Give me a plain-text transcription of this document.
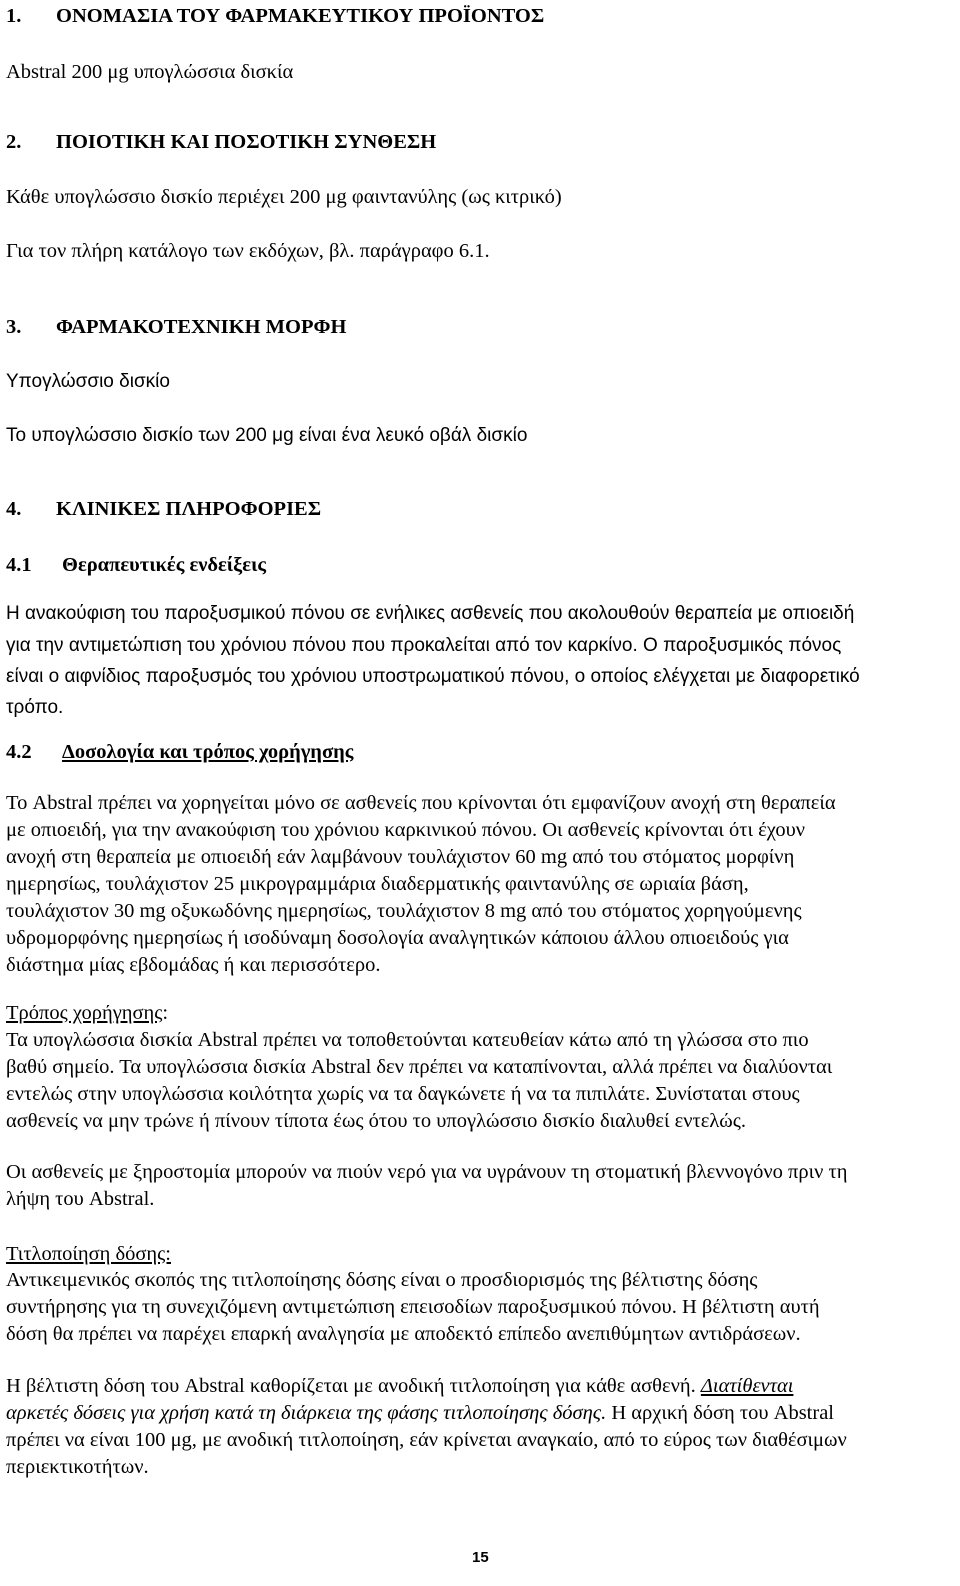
1. ΟΝΟΜΑΣΙΑ ΤΟΥ ΦΑΡΜΑΚΕΥΤΙΚΟΥ ΠΡΟΪΟΝΤΟΣ
Abstral 200 μg υπογλώσσια δισκία
2. ΠΟΙΟΤΙΚΗ ΚΑΙ ΠΟΣΟΤΙΚΗ ΣΥΝΘΕΣΗ
Κάθε υπογλώσσιο δισκίο περιέχει 200 μg φαιντανύλης (ως κιτρικό)
Για τον πλήρη κατάλογο των εκδόχων, βλ. παράγραφο 6.1.
3. ΦΑΡΜΑΚΟΤΕΧΝΙΚΗ ΜΟΡΦΗ
Υπογλώσσιο δισκίο
Το υπογλώσσιο δισκίο των 200 μg είναι ένα λευκό οβάλ δισκίο
4. ΚΛΙΝΙΚΕΣ ΠΛΗΡΟΦΟΡΙΕΣ
4.1 Θεραπευτικές ενδείξεις
Η ανακούφιση του παροξυσμικού πόνου σε ενήλικες ασθενείς που ακολουθούν θεραπεία με οπιοειδή
για την αντιμετώπιση του χρόνιου πόνου που προκαλείται από τον καρκίνο. Ο παροξυσμικός πόνος
είναι ο αιφνίδιος παροξυσμός του χρόνιου υποστρωματικού πόνου, ο οποίος ελέγχεται με διαφορετικό
τρόπο.
4.2 Δοσολογία και τρόπος χορήγησης
Το Abstral πρέπει να χορηγείται μόνο σε ασθενείς που κρίνονται ότι εμφανίζουν ανοχή στη θεραπεία
με οπιοειδή, για την ανακούφιση του χρόνιου καρκινικού πόνου. Οι ασθενείς κρίνονται ότι έχουν
ανοχή στη θεραπεία με οπιοειδή εάν λαμβάνουν τουλάχιστον 60 mg από του στόματος μορφίνη
ημερησίως, τουλάχιστον 25 μικρογραμμάρια διαδερματικής φαιντανύλης σε ωριαία βάση,
τουλάχιστον 30 mg οξυκωδόνης ημερησίως, τουλάχιστον 8 mg από του στόματος χορηγούμενης
υδρομορφόνης ημερησίως ή ισοδύναμη δοσολογία αναλγητικών κάποιου άλλου οπιοειδούς για
διάστημα μίας εβδομάδας ή και περισσότερο.
Τρόπος χορήγησης:
Τα υπογλώσσια δισκία Abstral πρέπει να τοποθετούνται κατευθείαν κάτω από τη γλώσσα στο πιο
βαθύ σημείο. Τα υπογλώσσια δισκία Abstral δεν πρέπει να καταπίνονται, αλλά πρέπει να διαλύονται
εντελώς στην υπογλώσσια κοιλότητα χωρίς να τα δαγκώνετε ή να τα πιπιλάτε. Συνίσταται στους
ασθενείς να μην τρώνε ή πίνουν τίποτα έως ότου το υπογλώσσιο δισκίο διαλυθεί εντελώς.
Οι ασθενείς με ξηροστομία μπορούν να πιούν νερό για να υγράνουν τη στοματική βλεννογόνο πριν τη
λήψη του Abstral.
Τιτλοποίηση δόσης:
Αντικειμενικός σκοπός της τιτλοποίησης δόσης είναι ο προσδιορισμός της βέλτιστης δόσης
συντήρησης για τη συνεχιζόμενη αντιμετώπιση επεισοδίων παροξυσμικού πόνου. Η βέλτιστη αυτή
δόση θα πρέπει να παρέχει επαρκή αναλγησία με αποδεκτό επίπεδο ανεπιθύμητων αντιδράσεων.
Η βέλτιστη δόση του Abstral καθορίζεται με ανοδική τιτλοποίηση για κάθε ασθενή. Διατίθενται
αρκετές δόσεις για χρήση κατά τη διάρκεια της φάσης τιτλοποίησης δόσης. Η αρχική δόση του Abstral
πρέπει να είναι 100 μg, με ανοδική τιτλοποίηση, εάν κρίνεται αναγκαίο, από το εύρος των διαθέσιμων
περιεκτικοτήτων.
15
